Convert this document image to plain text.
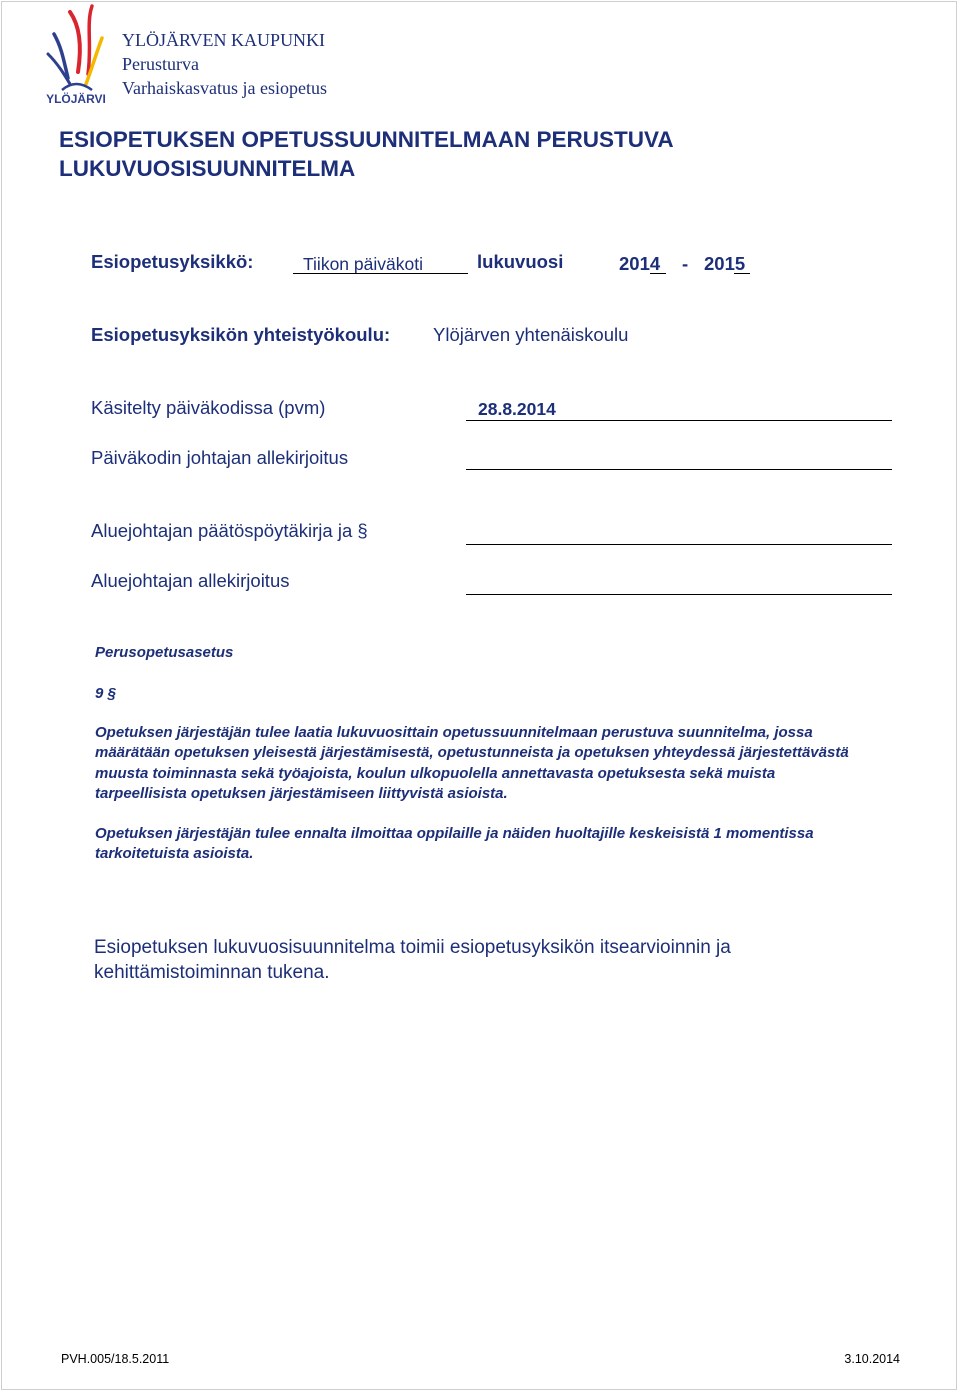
YLÖJÄRVI
YLÖJÄRVEN KAUPUNKI
Perusturva
Varhaiskasvatus ja esiopetus
ESIOPETUKSEN OPETUSSUUNNITELMAAN PERUSTUVA
LUKUVUOSISUUNNITELMA
Esiopetusyksikkö:	Tiikon päiväkoti	lukuvuosi	2014 - 2015
Esiopetusyksikön yhteistyökoulu: Ylöjärven yhtenäiskoulu
Käsitelty päiväkodissa (pvm)	28.8.2014
Päiväkodin johtajan allekirjoitus
Aluejohtajan päätöspöytäkirja ja §
Aluejohtajan allekirjoitus
Perusopetusasetus
9 §
Opetuksen järjestäjän tulee laatia lukuvuosittain opetussuunnitelmaan perustuva suunnitelma, jossa määrätään opetuksen yleisestä järjestämisestä, opetustunneista ja opetuksen yhteydessä järjestettävästä muusta toiminnasta sekä työajoista, koulun ulkopuolella annettavasta opetuksesta sekä muista tarpeellisista opetuksen järjestämiseen liittyvistä asioista.
Opetuksen järjestäjän tulee ennalta ilmoittaa oppilaille ja näiden huoltajille keskeisistä 1 momentissa tarkoitetuista asioista.
Esiopetuksen lukuvuosisuunnitelma toimii esiopetusyksikön itsearvioinnin ja kehittämistoiminnan tukena.
PVH.005/18.5.2011	3.10.2014
